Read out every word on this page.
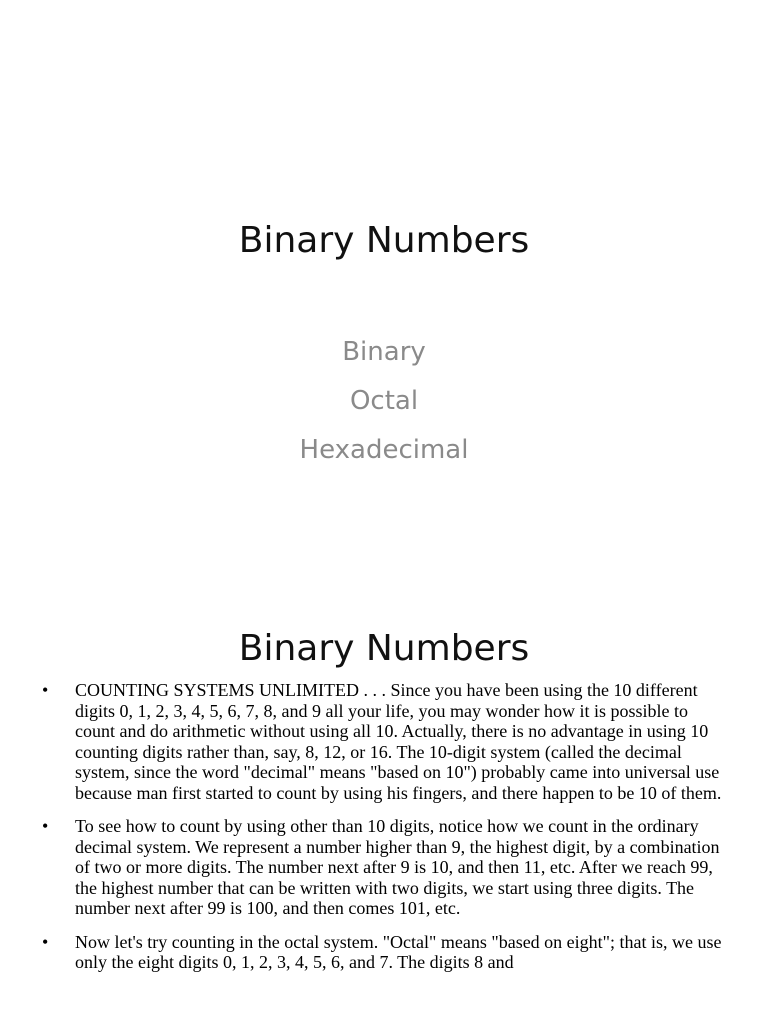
Binary Numbers
Binary
Octal
Hexadecimal
Binary Numbers
•	COUNTING SYSTEMS UNLIMITED . . . Since you have been using the 10 different digits 0, 1, 2, 3, 4, 5, 6, 7, 8, and 9 all your life, you may wonder how it is possible to count and do arithmetic without using all 10. Actually, there is no advantage in using 10 counting digits rather than, say, 8, 12, or 16. The 10-digit system (called the decimal system, since the word "decimal" means "based on 10") probably came into universal use because man first started to count by using his fingers, and there happen to be 10 of them.
•	To see how to count by using other than 10 digits, notice how we count in the ordinary decimal system. We represent a number higher than 9, the highest digit, by a combination of two or more digits. The number next after 9 is 10, and then 11, etc. After we reach 99, the highest number that can be written with two digits, we start using three digits. The number next after 99 is 100, and then comes 101, etc.
•	Now let's try counting in the octal system. "Octal" means "based on eight"; that is, we use only the eight digits 0, 1, 2, 3, 4, 5, 6, and 7. The digits 8 and
